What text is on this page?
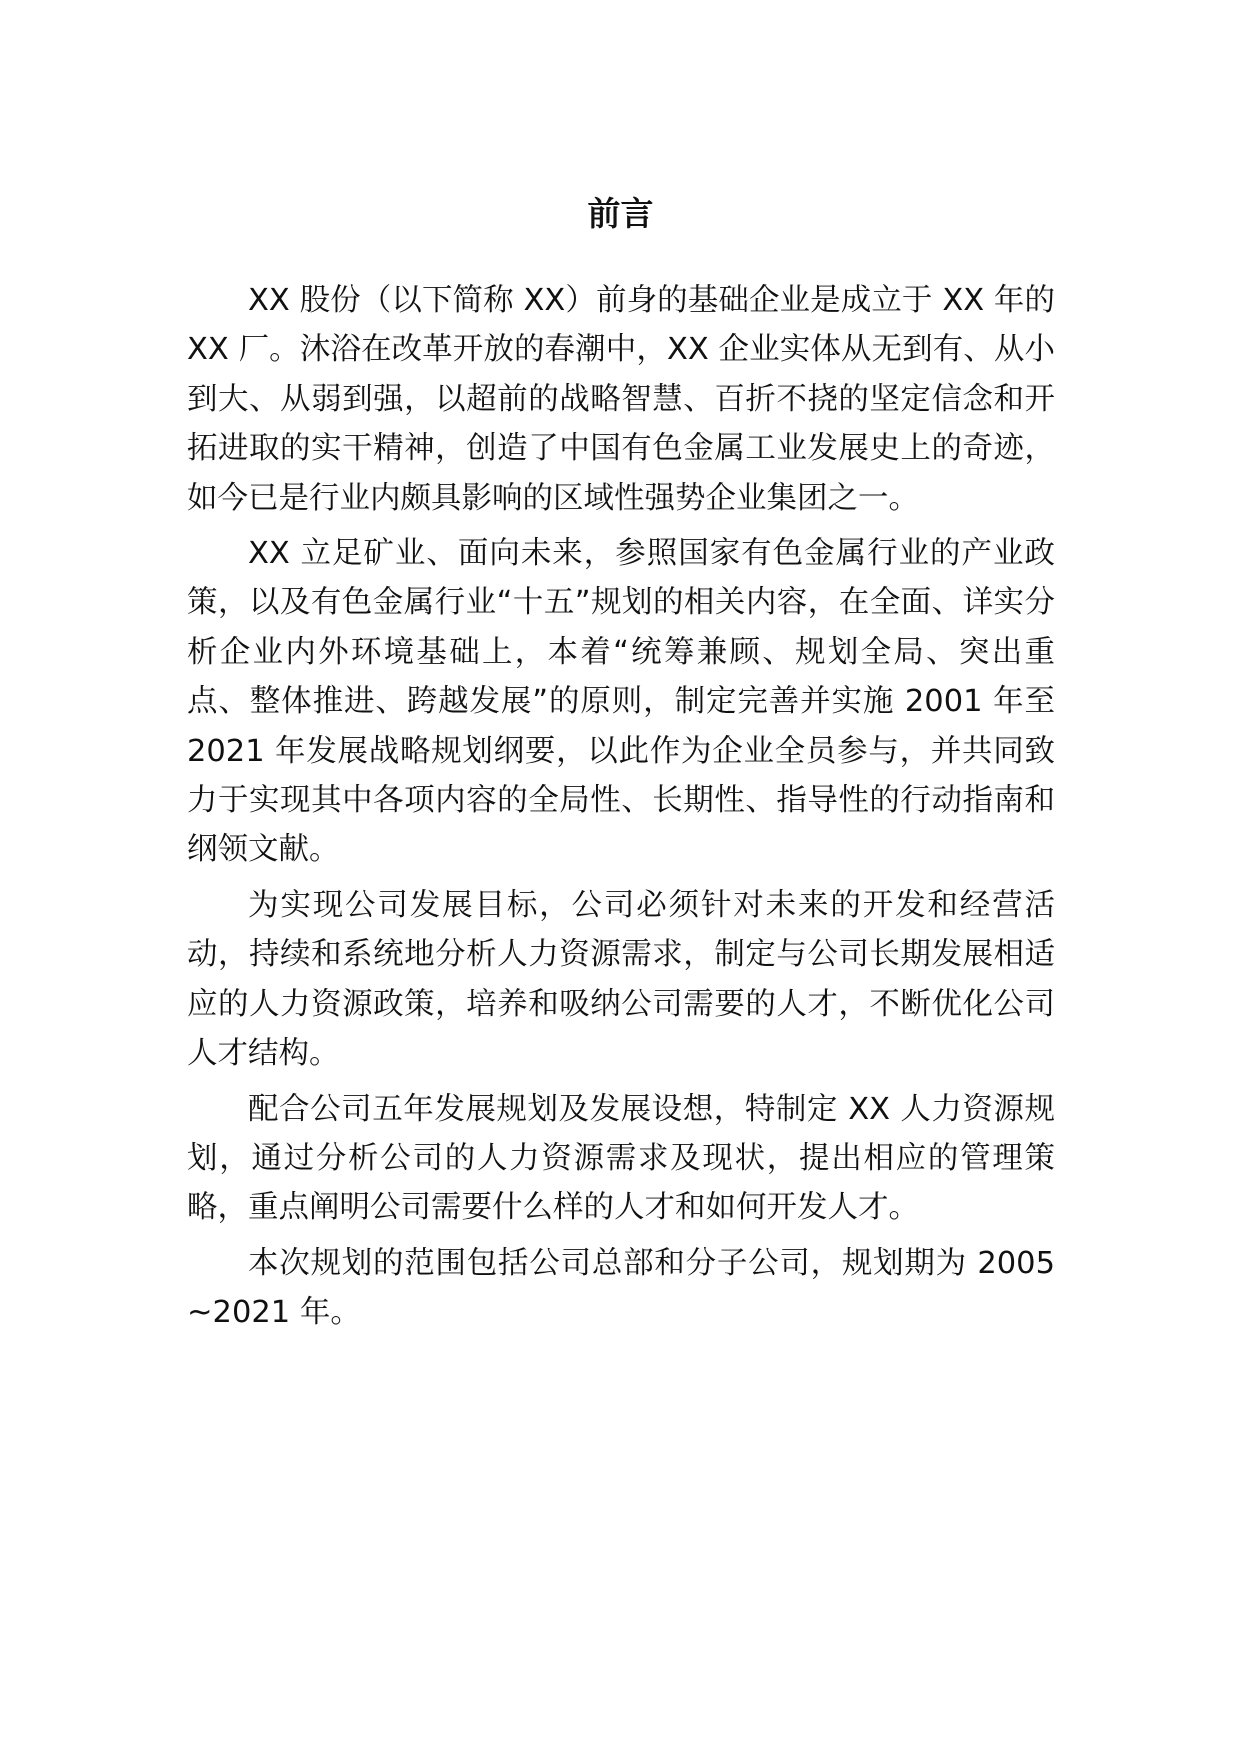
前言

XX 股份（以下简称 XX）前身的基础企业是成立于 XX 年的 XX 厂。沐浴在改革开放的春潮中，XX 企业实体从无到有、从小到大、从弱到强，以超前的战略智慧、百折不挠的坚定信念和开拓进取的实干精神，创造了中国有色金属工业发展史上的奇迹，如今已是行业内颇具影响的区域性强势企业集团之一。

XX 立足矿业、面向未来，参照国家有色金属行业的产业政策，以及有色金属行业“十五”规划的相关内容，在全面、详实分析企业内外环境基础上，本着“统筹兼顾、规划全局、突出重点、整体推进、跨越发展”的原则，制定完善并实施 2001 年至 2021 年发展战略规划纲要，以此作为企业全员参与，并共同致力于实现其中各项内容的全局性、长期性、指导性的行动指南和纲领文献。

为实现公司发展目标，公司必须针对未来的开发和经营活动，持续和系统地分析人力资源需求，制定与公司长期发展相适应的人力资源政策，培养和吸纳公司需要的人才，不断优化公司人才结构。

配合公司五年发展规划及发展设想，特制定 XX 人力资源规划，通过分析公司的人力资源需求及现状，提出相应的管理策略，重点阐明公司需要什么样的人才和如何开发人才。

本次规划的范围包括公司总部和分子公司，规划期为 2005~2021 年。
